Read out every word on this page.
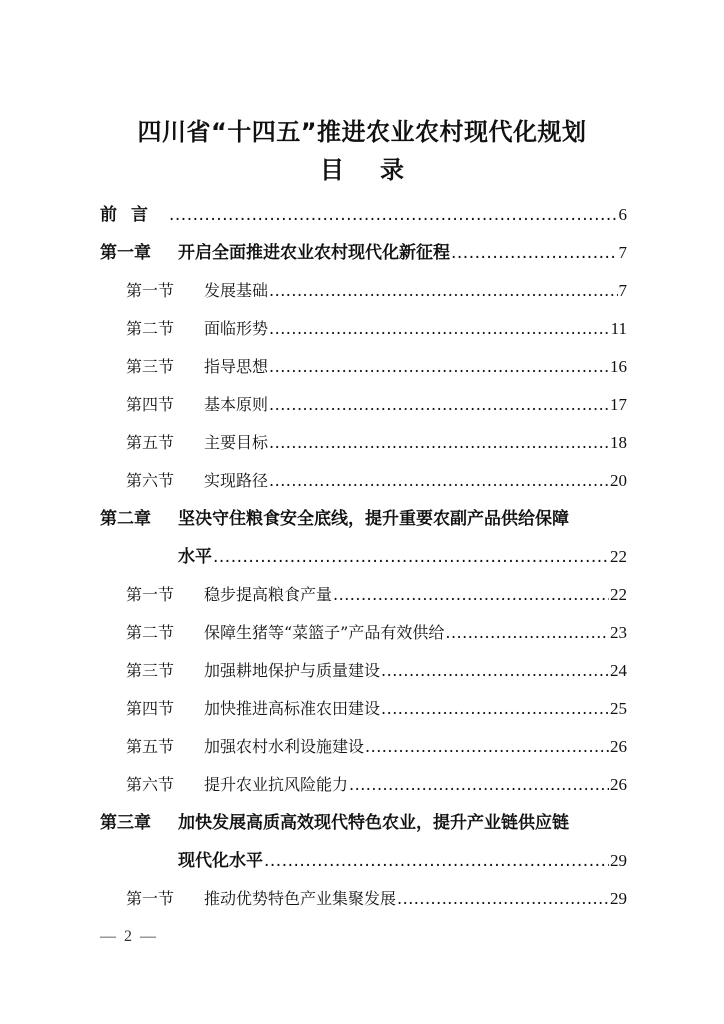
四川省“十四五”推进农业农村现代化规划
目录
前言 .....	6
第一章	开启全面推进农业农村现代化新征程 .....	7
第一节	发展基础 .....	7
第二节	面临形势 .....	11
第三节	指导思想 .....	16
第四节	基本原则 .....	17
第五节	主要目标 .....	18
第六节	实现路径 .....	20
第二章	坚决守住粮食安全底线，提升重要农副产品供给保障
水平 .....	22
第一节	稳步提高粮食产量 .....	22
第二节	保障生猪等“菜篮子”产品有效供给 .....	23
第三节	加强耕地保护与质量建设 .....	24
第四节	加快推进高标准农田建设 .....	25
第五节	加强农村水利设施建设 .....	26
第六节	提升农业抗风险能力 .....	26
第三章	加快发展高质高效现代特色农业，提升产业链供应链
现代化水平 .....	29
第一节	推动优势特色产业集聚发展 .....	29
— 2 —
